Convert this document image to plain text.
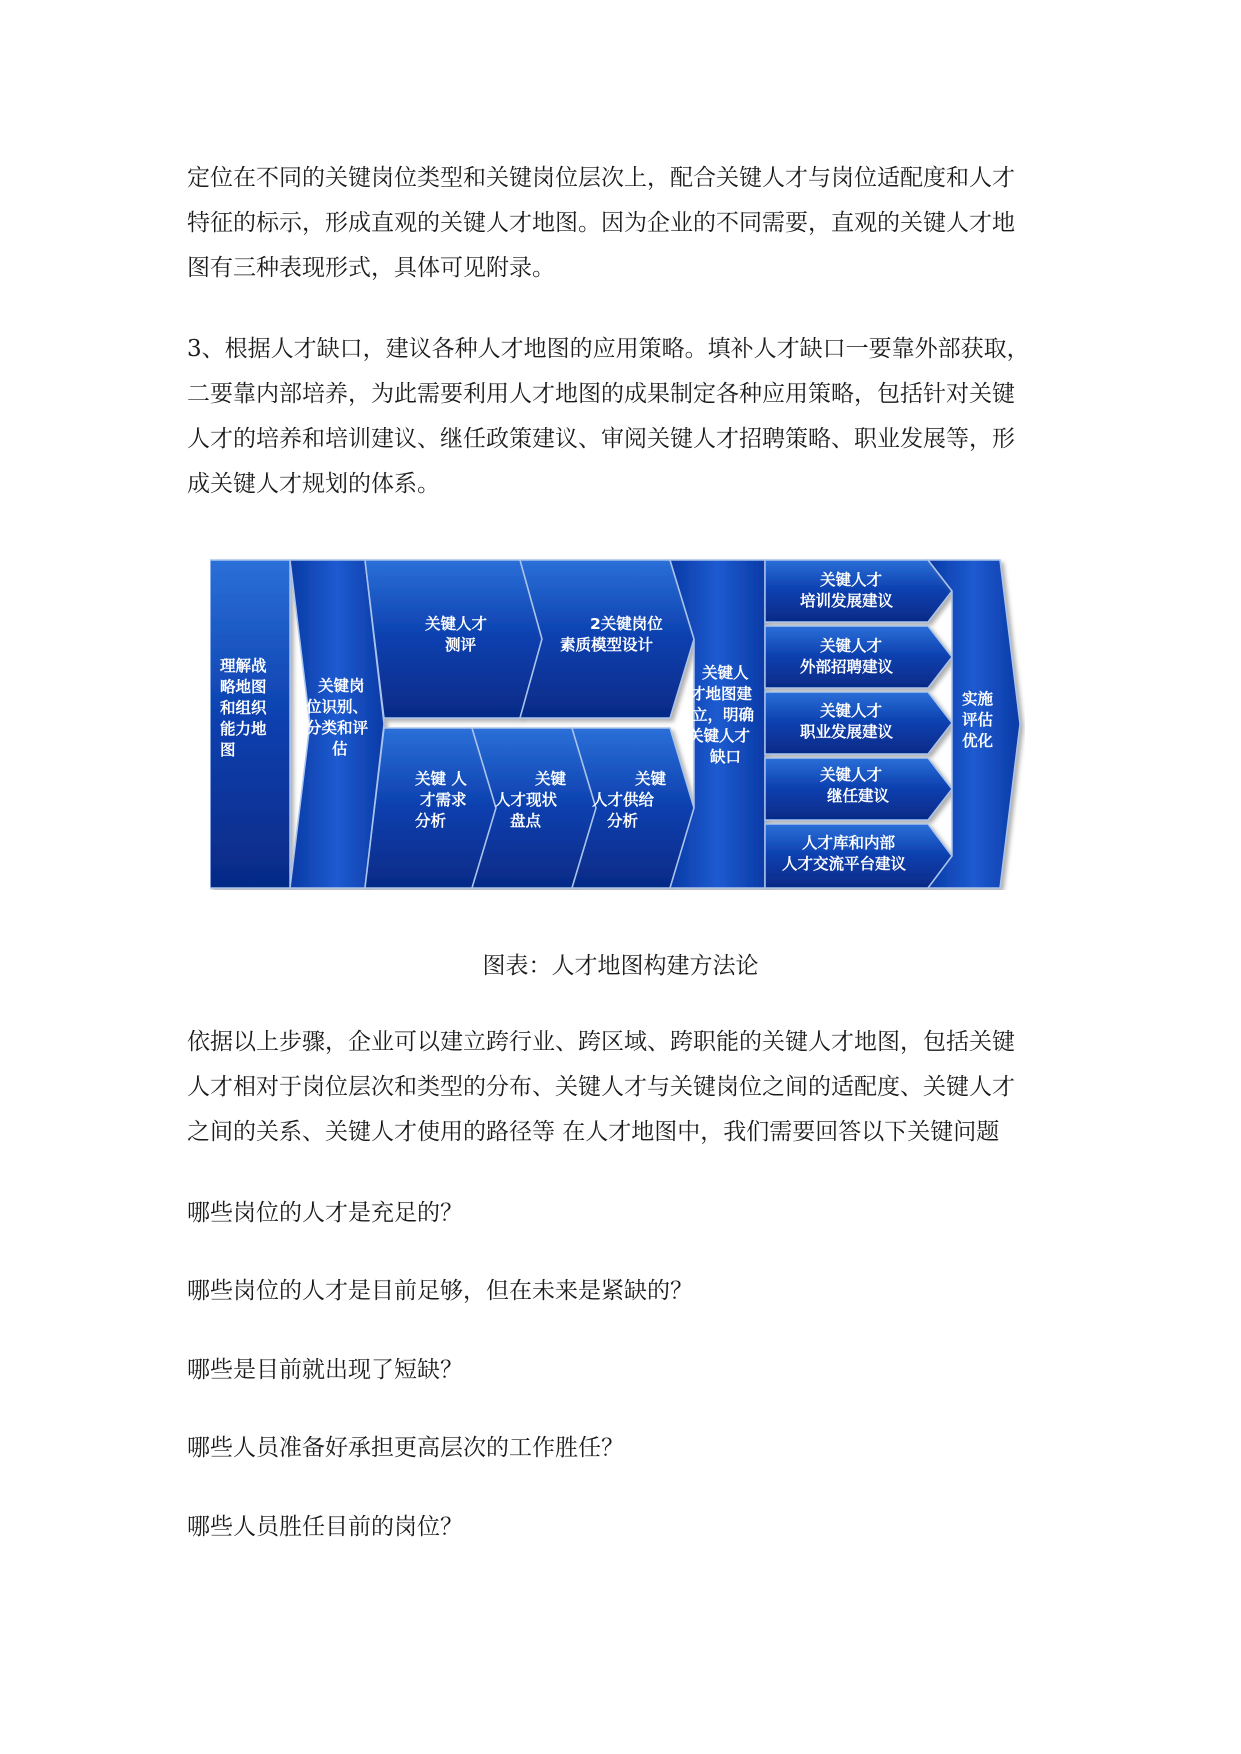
定位在不同的关键岗位类型和关键岗位层次上，配合关键人才与岗位适配度和人才
特征的标示，形成直观的关键人才地图。因为企业的不同需要，直观的关键人才地
图有三种表现形式，具体可见附录。

3、根据人才缺口，建议各种人才地图的应用策略。填补人才缺口一要靠外部获取，
二要靠内部培养，为此需要利用人才地图的成果制定各种应用策略，包括针对关键
人才的培养和培训建议、继任政策建议、审阅关键人才招聘策略、职业发展等，形
成关键人才规划的体系。

理解战 略地图 和组织 能力地 图
关键岗 位识别、 分类和评 估
关键人才 测评
2关键岗位 素质模型设计
关键 人 才需求 分析
关键 人才现状 盘点
关键 人才供给 分析
关键人 才地图建 立，明确 关键人才 缺口
关键人才 培训发展建议
关键人才 外部招聘建议
关键人才 职业发展建议
关键人才 继任建议
人才库和内部 人才交流平台建议
实施 评估 优化
图表：人才地图构建方法论

依据以上步骤，企业可以建立跨行业、跨区域、跨职能的关键人才地图，包括关键
人才相对于岗位层次和类型的分布、关键人才与关键岗位之间的适配度、关键人才
之间的关系、关键人才使用的路径等 在人才地图中，我们需要回答以下关键问题

哪些岗位的人才是充足的？
哪些岗位的人才是目前足够，但在未来是紧缺的？
哪些是目前就出现了短缺？
哪些人员准备好承担更高层次的工作胜任？
哪些人员胜任目前的岗位？
